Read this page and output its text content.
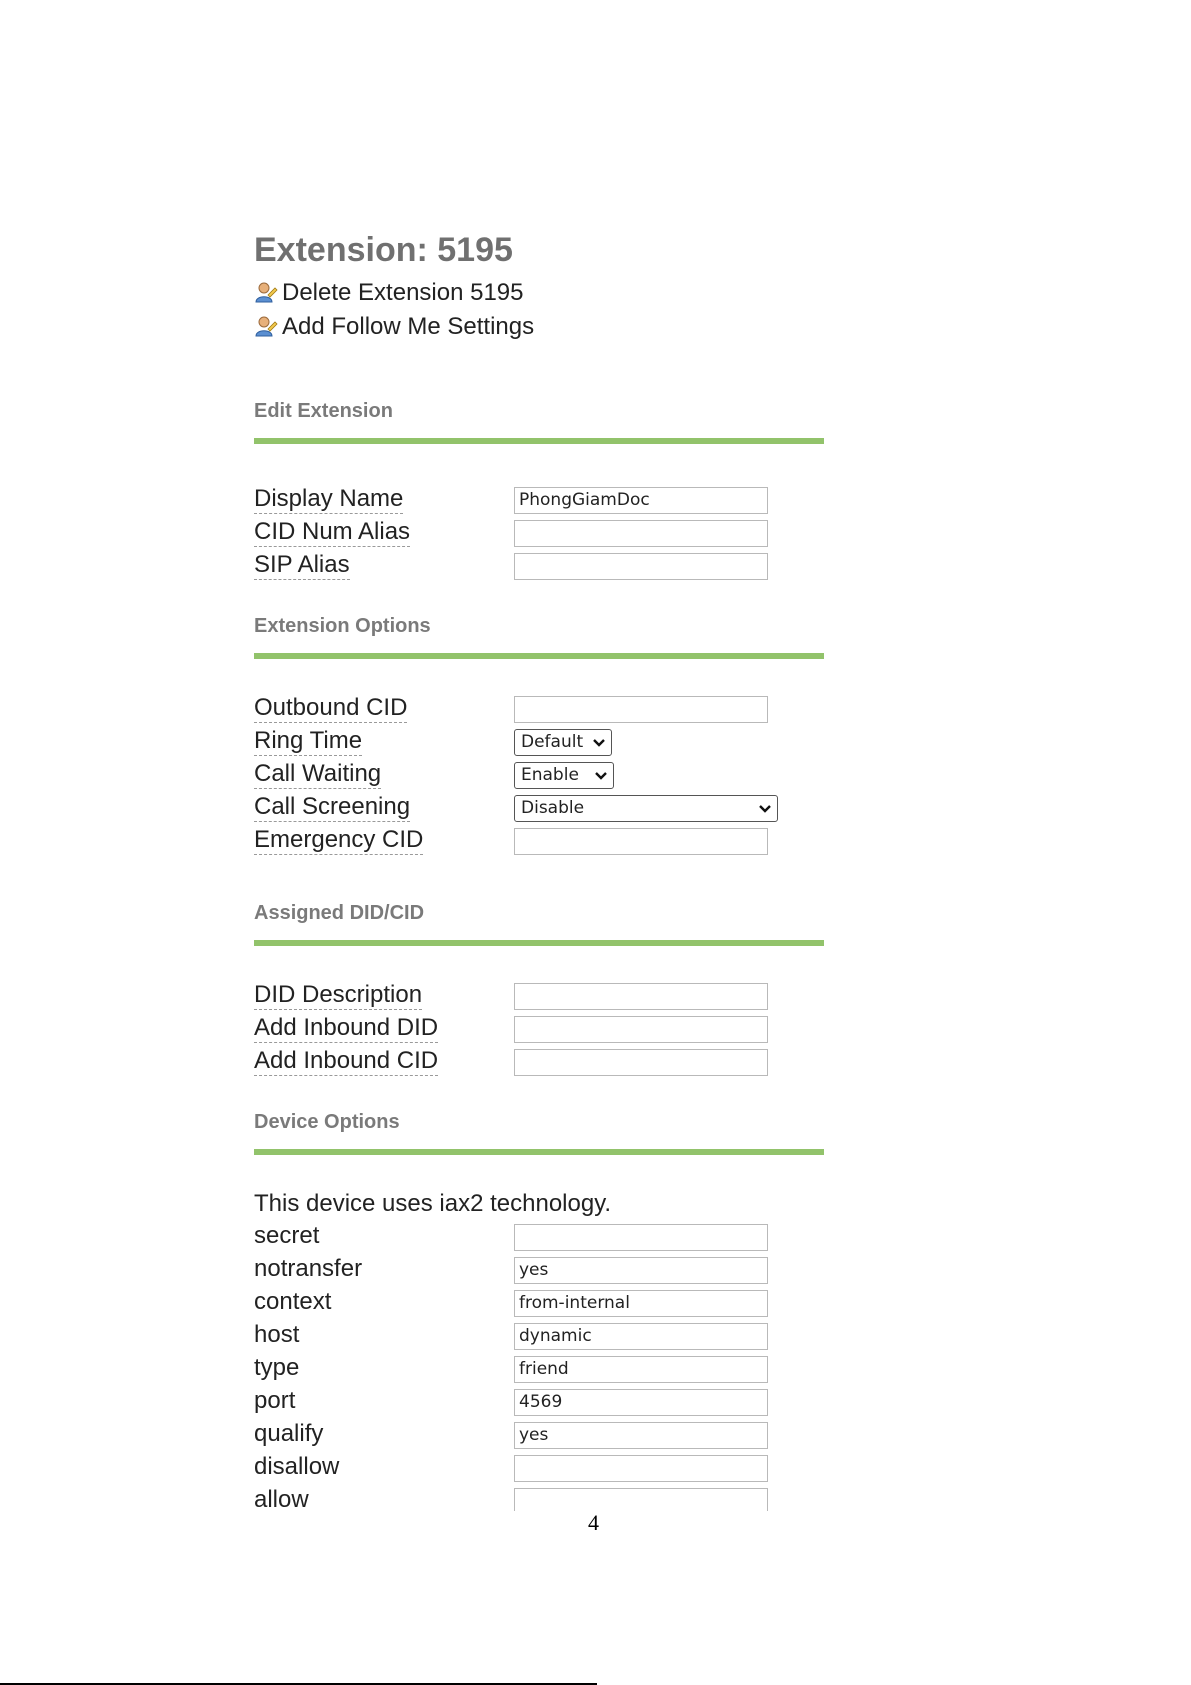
Extension: 5195
Delete Extension 5195
Add Follow Me Settings
Edit Extension
Display Name	PhongGiamDoc
CID Num Alias
SIP Alias
Extension Options
Outbound CID
Ring Time	Default
Call Waiting	Enable
Call Screening	Disable
Emergency CID
Assigned DID/CID
DID Description
Add Inbound DID
Add Inbound CID
Device Options
This device uses iax2 technology.
secret
notransfer	yes
context	from-internal
host	dynamic
type	friend
port	4569
qualify	yes
disallow
allow
4
